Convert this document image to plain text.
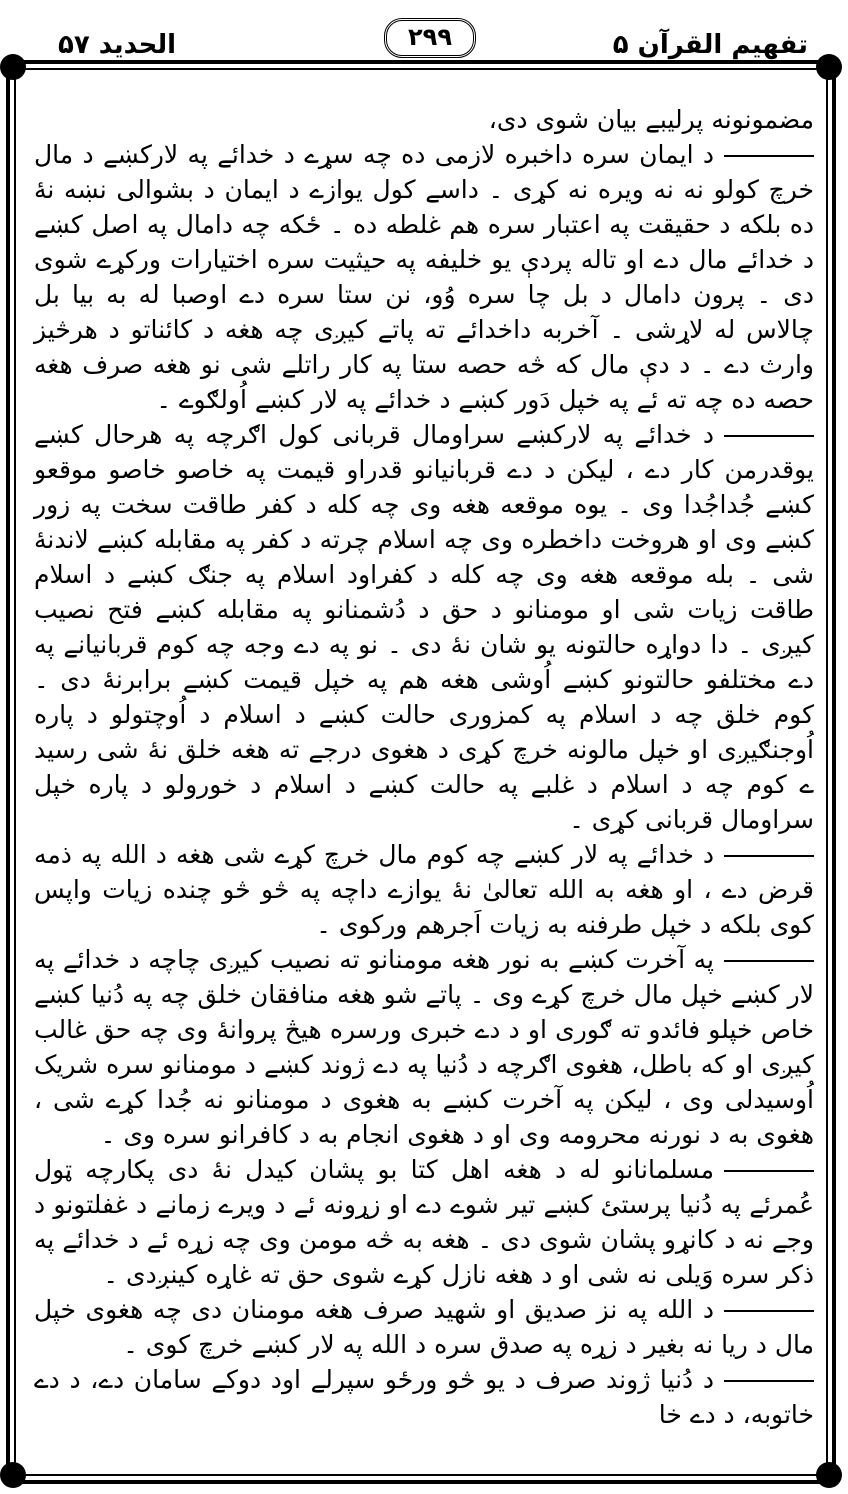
تفهیم القرآن ۵
۲۹۹
الحدید ۵۷

مضمونونه پرلیبے بیان شوی دی،

د ایمان سره داخبره لازمی ده چه سړے د خدائے په لارکښے د مال خرچ کولو نه نه ویره نه کړی ۔ داسے کول یوازے د ایمان د بشوالی نښه نهٔ ده بلکه د حقیقت په اعتبار سره هم غلطه ده ۔ ځکه چه دامال په اصل کښے د خدائے مال دے او تاله پردې یو خلیفه په حیثیت سره اختیارات ورکړے شوی دی ۔ پرون دامال د بل چا سره وُو، نن ستا سره دے اوصبا له به بیا بل چالاس له لاړشی ۔ آخربه داخدائے ته پاتے کیږی چه هغه د کائناتو د هرڅیز وارث دے ۔ د دې مال که څه حصه ستا په کار راتلے شی نو هغه صرف هغه حصه ده چه ته ئے په خپل دَور کښے د خدائے په لار کښے اُولګوے ۔

د خدائے په لارکښے سراومال قربانی کول اګرچه په هرحال کښے یوقدرمن کار دے ، لیکن د دے قربانیانو قدراو قیمت په خاصو خاصو موقعو کښے جُداجُدا وی ۔ یوه موقعه هغه وی چه کله د کفر طاقت سخت په زور کښے وی او هروخت داخطره وی چه اسلام چرته د کفر په مقابله کښے لاندنهٔ شی ۔ بله موقعه هغه وی چه کله د کفراود اسلام په جنګ کښے د اسلام طاقت زیات شی او مومنانو د حق د دُشمنانو په مقابله کښے فتح نصیب کیږی ۔ دا دواړه حالتونه یو شان نهٔ دی ۔ نو په دے وجه چه کوم قربانیانے په دے مختلفو حالتونو کښے اُوشی هغه هم په خپل قیمت کښے برابرنهٔ دی ۔ کوم خلق چه د اسلام په کمزوری حالت کښے د اسلام د اُوچتولو د پاره اُوجنګیږی او خپل مالونه خرچ کړی د هغوی درجے ته هغه خلق نهٔ شی رسید ے کوم چه د اسلام د غلبے په حالت کښے د اسلام د خورولو د پاره خپل سراومال قربانی کړی ۔

د خدائے په لار کښے چه کوم مال خرچ کړے شی هغه د الله په ذمه قرض دے ، او هغه به الله تعالیٰ نهٔ یوازے داچه په څو څو چنده زیات واپس کوی بلکه د خپل طرفنه به زیات اَجرهم ورکوی ۔

په آخرت کښے به نور هغه مومنانو ته نصیب کیږی چاچه د خدائے په لار کښے خپل مال خرچ کړے وی ۔ پاتے شو هغه منافقان خلق چه په دُنیا کښے خاص خپلو فائدو ته ګوری او د دے خبری ورسره هیڅ پروانهٔ وی چه حق غالب کیږی او که باطل، هغوی اګرچه د دُنیا په دے ژوند کښے د مومنانو سره شریک اُوسیدلی وی ، لیکن په آخرت کښے به هغوی د مومنانو نه جُدا کړے شی ، هغوی به د نورنه محرومه وی او د هغوی انجام به د کافرانو سره وی ۔

مسلمانانو له د هغه اهل کتا بو پشان کیدل نهٔ دی پکارچه ټول عُمرئے په دُنیا پرستئ کښے تیر شوے دے او زړونه ئے د ویرے زمانے د غفلتونو د وجے نه د کانړو پشان شوی دی ۔ هغه به څه مومن وی چه زړه ئے د خدائے په ذکر سره وَیلی نه شی او د هغه نازل کړے شوی حق ته غاړه کینږدی ۔

د الله په نز صدیق او شهید صرف هغه مومنان دی چه هغوی خپل مال د ریا نه بغیر د زړه په صدق سره د الله په لار کښے خرچ کوی ۔

د دُنیا ژوند صرف د یو څو ورځو سپرلے اود دوکے سامان دے، د دے خاتوبه، د دے خا
